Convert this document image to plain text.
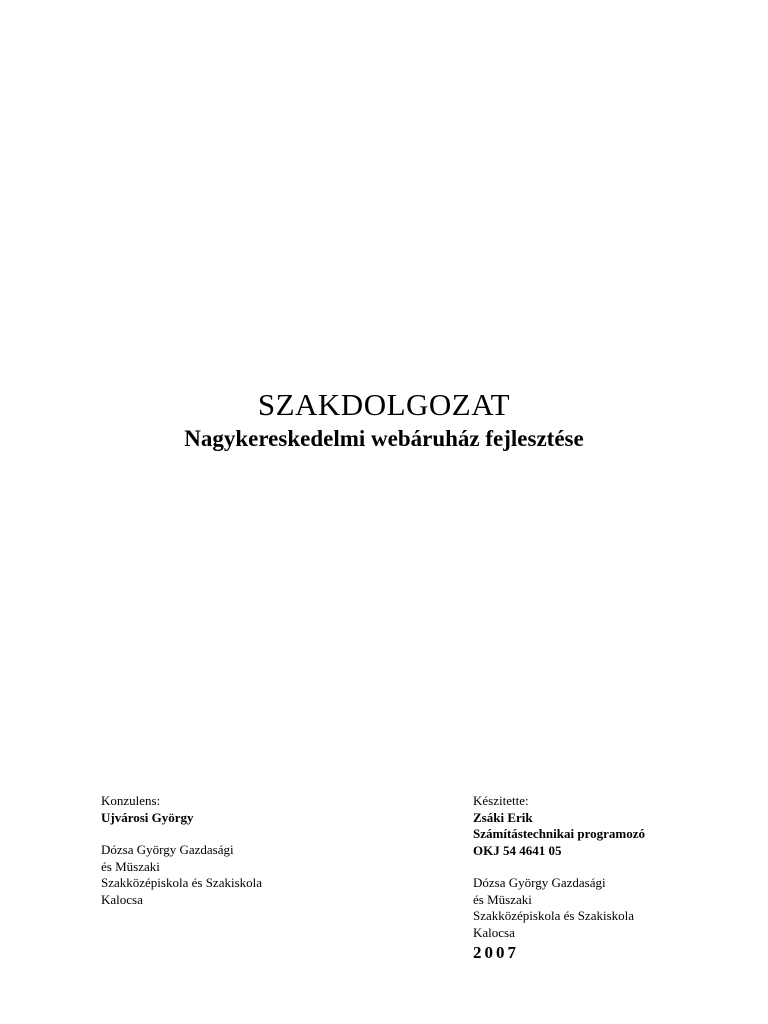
SZAKDOLGOZAT
Nagykereskedelmi webáruház fejlesztése
Konzulens:
Ujvárosi György
Dózsa György Gazdasági
és Müszaki
Szakközépiskola és Szakiskola
Kalocsa
Készitette:
Zsáki Erik
Számítástechnikai programozó
OKJ 54 4641 05
Dózsa György Gazdasági
és Müszaki
Szakközépiskola és Szakiskola
Kalocsa
2007
